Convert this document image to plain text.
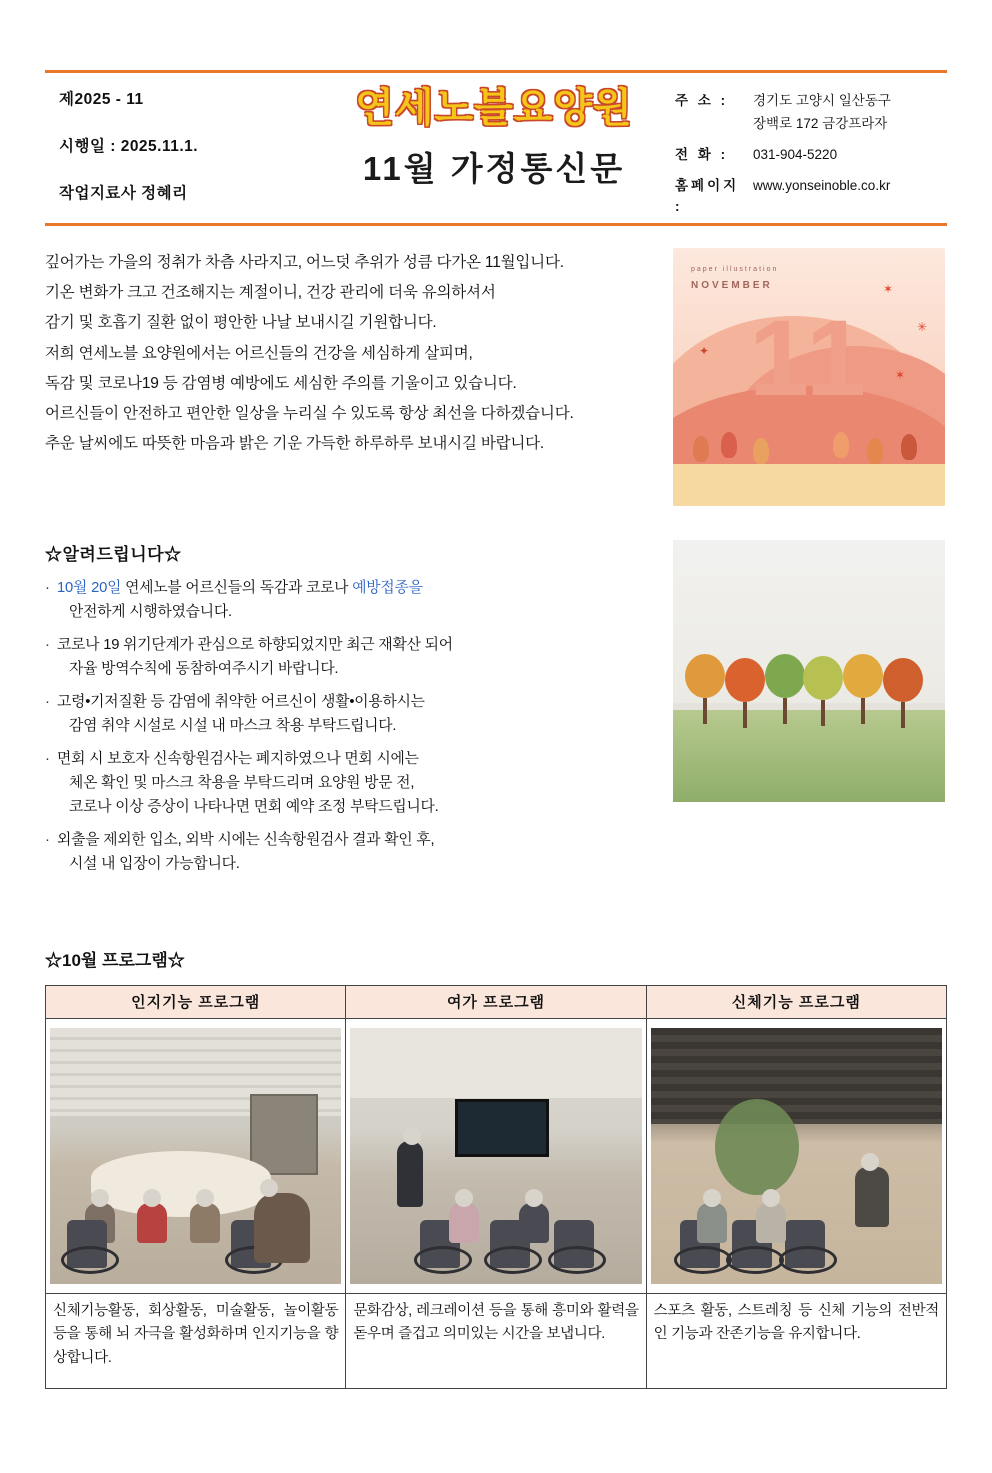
제2025 - 11
시행일 : 2025.11.1.
작업지료사 정혜리
연세노블요양원
11월 가정통신문
주 소 :	경기도 고양시 일산동구
장백로 172 금강프라자
전 화 :	031-904-5220
홈페이지 :
www.yonseinoble.co.kr
깊어가는 가을의 정취가 차츰 사라지고, 어느덧 추위가 성큼 다가온 11월입니다.
기온 변화가 크고 건조해지는 계절이니, 건강 관리에 더욱 유의하셔서
감기 및 호흡기 질환 없이 평안한 나날 보내시길 기원합니다.
저희 연세노블 요양원에서는 어르신들의 건강을 세심하게 살피며,
독감 및 코로나19 등 감염병 예방에도 세심한 주의를 기울이고 있습니다.
어르신들이 안전하고 편안한 일상을 누리실 수 있도록 항상 최선을 다하겠습니다.
추운 날씨에도 따뜻한 마음과 밝은 기운 가득한 하루하루 보내시길 바랍니다.
paper illustration
NOVEMBER
11
✶
✳
✶
✦
☆알려드립니다☆
· 10월 20일 연세노블 어르신들의 독감과 코로나 예방접종을
안전하게 시행하였습니다.
· 코로나 19 위기단계가 관심으로 하향되었지만 최근 재확산 되어
자율 방역수칙에 동참하여주시기 바랍니다.
· 고령•기저질환 등 감염에 취약한 어르신이 생활•이용하시는
감염 취약 시설로 시설 내 마스크 착용 부탁드립니다.
· 면회 시 보호자 신속항원검사는 폐지하였으나 면회 시에는
체온 확인 및 마스크 착용을 부탁드리며 요양원 방문 전,
코로나 이상 증상이 나타나면 면회 예약 조정 부탁드립니다.
· 외출을 제외한 입소, 외박 시에는 신속항원검사 결과 확인 후,
시설 내 입장이 가능합니다.
☆10월 프로그램☆
인지기능 프로그램	여가 프로그램	신체기능 프로그램

신체기능활동, 회상활동, 미술활동, 놀이활동 등을 통해 뇌 자극을 활성화하며 인지기능을 향상합니다.	문화감상, 레크레이션 등을 통해 흥미와 활력을 돋우며 즐겁고 의미있는 시간을 보냅니다.	스포츠 활동, 스트레칭 등 신체 기능의 전반적인 기능과 잔존기능을 유지합니다.
